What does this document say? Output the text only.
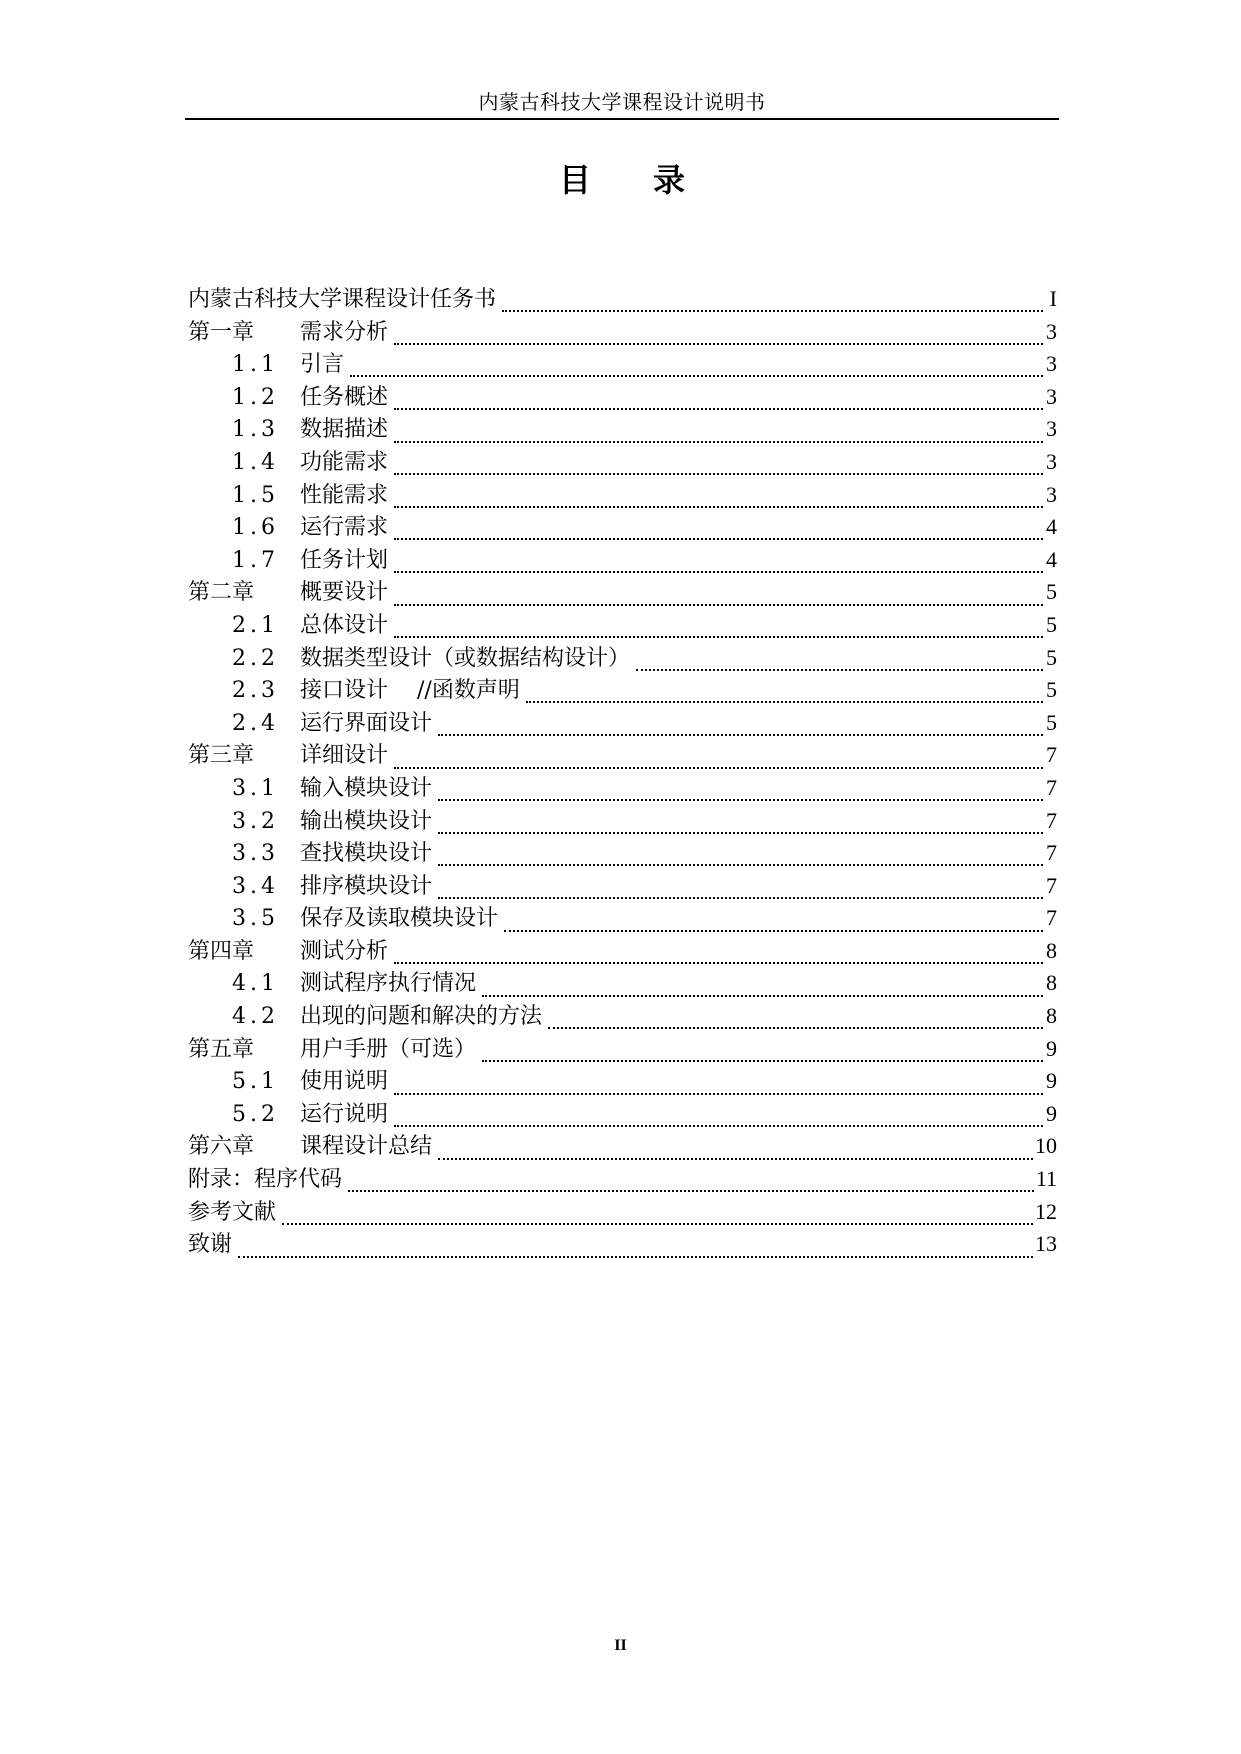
内蒙古科技大学课程设计说明书
目 录
内蒙古科技大学课程设计任务书	I
第一章	需求分析	3
1.1 引言	3
1.2 任务概述	3
1.3 数据描述	3
1.4 功能需求	3
1.5 性能需求	3
1.6 运行需求	4
1.7 任务计划	4
第二章	概要设计	5
2.1 总体设计	5
2.2 数据类型设计（或数据结构设计）	5
2.3 接口设计 　//函数声明	5
2.4 运行界面设计	5
第三章	详细设计	7
3.1 输入模块设计	7
3.2 输出模块设计	7
3.3 查找模块设计	7
3.4 排序模块设计	7
3.5 保存及读取模块设计	7
第四章	测试分析	8
4.1 测试程序执行情况	8
4.2 出现的问题和解决的方法	8
第五章	用户手册（可选）	9
5.1 使用说明	9
5.2 运行说明	9
第六章	课程设计总结	10
附录：程序代码	11
参考文献	12
致谢	13
II
